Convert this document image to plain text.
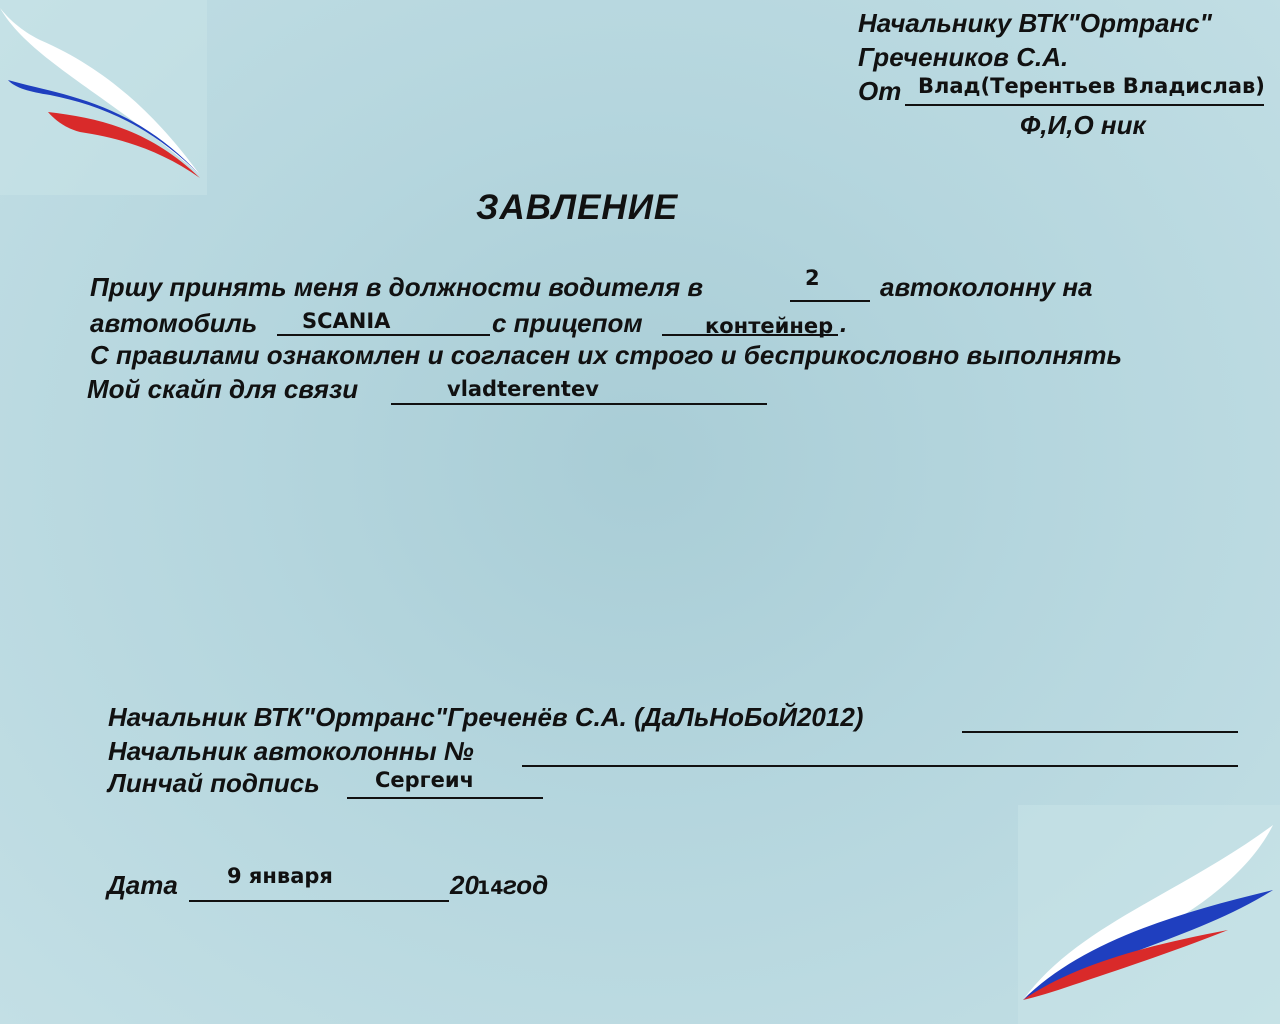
Начальнику ВТК"Ортранс"
Гречеников С.А.
От Влад(Терентьев Владислав)
Ф,И,О ник
ЗАВЛЕНИЕ
Пршу принять меня в должности водителя в	2 автоколонну на
автомобиль SCANIA	с прицепом	контейнер .
С правилами ознакомлен и согласен их строго и бесприкословно выполнять
Мой скайп для связи	vladterentev
Начальник ВТК"Ортранс"Греченёв С.А. (ДаЛьНоБоЙ2012)
Начальник автоколонны №
Линчай подпись	Сергеич
Дата 9 января	20
14 год
